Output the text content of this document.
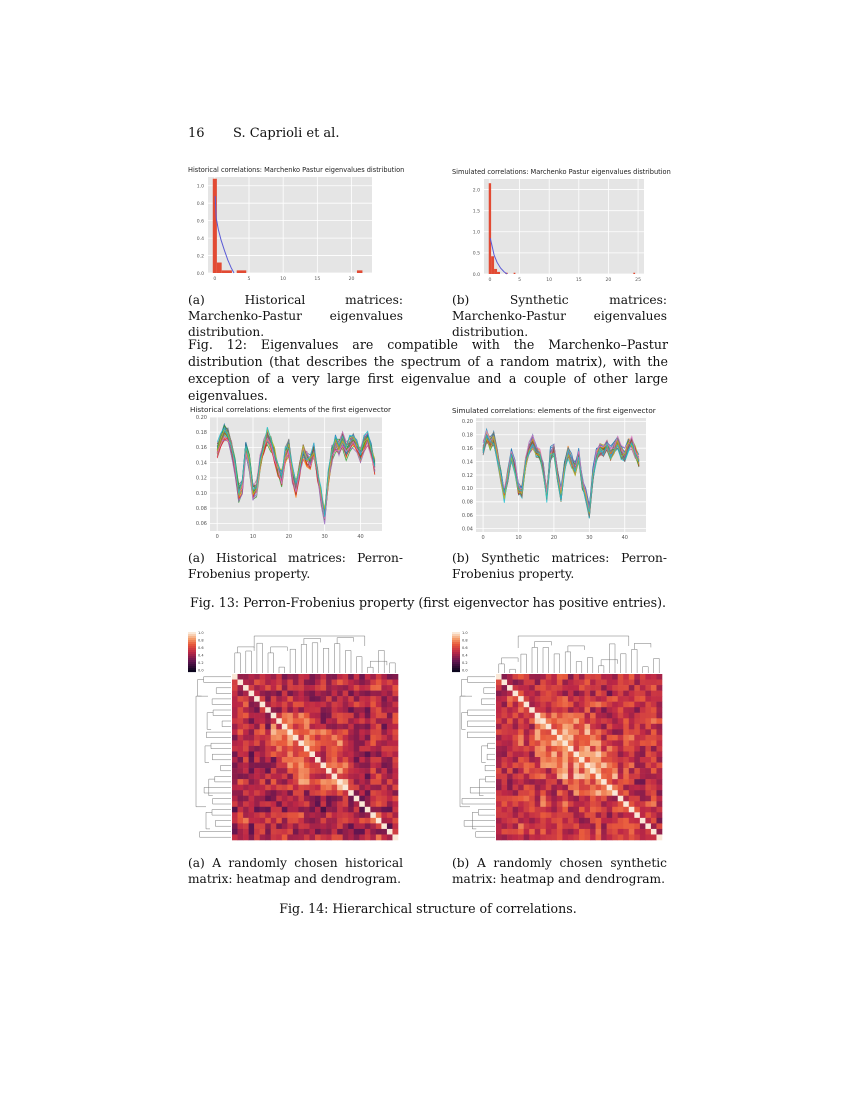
16 S. Caprioli et al.
Historical correlations: Marchenko Pastur eigenvalues distribution
0.0
0.2
0.4
0.6
0.8
1.0
0	5	10	15	20
Simulated correlations: Marchenko Pastur eigenvalues distribution
0.0
0.5
1.0
1.5
2.0
0	5	10	15	20	25
(a) Historical matrices: Marchenko-Pastur eigenvalues distribution.
(b) Synthetic matrices: Marchenko-Pastur eigenvalues distribution.
Fig. 12: Eigenvalues are compatible with the Marchenko–Pastur distribution (that describes the spectrum of a random matrix), with the exception of a very large first eigenvalue and a couple of other large eigenvalues.
Historical correlations: elements of the first eigenvector
0.06
0.08
0.10
0.12
0.14
0.16
0.18
0.20
0	10	20	30	40
Simulated correlations: elements of the first eigenvector
0.04
0.06
0.08
0.10
0.12
0.14
0.16
0.18
0.20
0	10	20	30	40
(a) Historical matrices: Perron-Frobenius property.
(b) Synthetic matrices: Perron-Frobenius property.
Fig. 13: Perron-Frobenius property (first eigenvector has positive entries).
1.0
0.8
0.6
0.4
0.2
0.0
1.0
0.8
0.6
0.4
0.2
0.0
(a) A randomly chosen historical matrix: heatmap and dendrogram.
(b) A randomly chosen synthetic matrix: heatmap and dendrogram.
Fig. 14: Hierarchical structure of correlations.
